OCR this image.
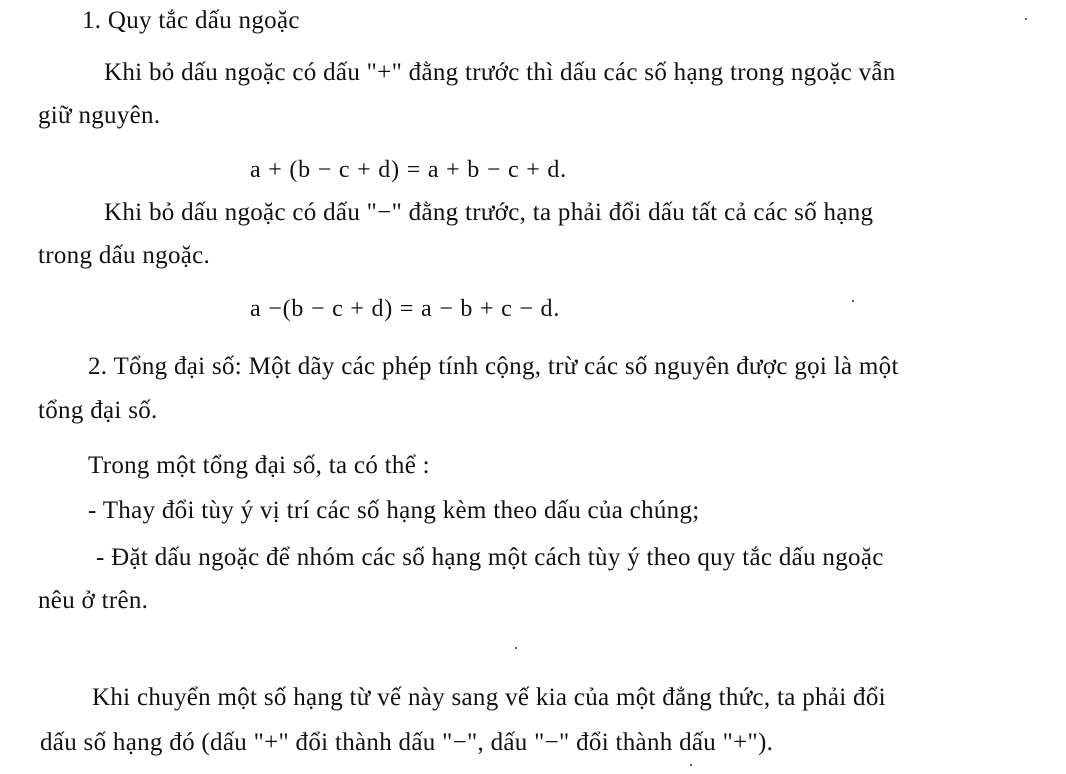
1. Quy tắc dấu ngoặc
Khi bỏ dấu ngoặc có dấu "+" đằng trước thì dấu các số hạng trong ngoặc vẫn
giữ nguyên.
a + (b − c + d) = a + b − c + d.
Khi bỏ dấu ngoặc có dấu "−" đằng trước, ta phải đổi dấu tất cả các số hạng
trong dấu ngoặc.
a −(b − c + d) = a − b + c − d.
2. Tổng đại số: Một dãy các phép tính cộng, trừ các số nguyên được gọi là một
tổng đại số.
Trong một tổng đại số, ta có thể :
- Thay đổi tùy ý vị trí các số hạng kèm theo dấu của chúng;
- Đặt dấu ngoặc để nhóm các số hạng một cách tùy ý theo quy tắc dấu ngoặc
nêu ở trên.
Khi chuyển một số hạng từ vế này sang vế kia của một đẳng thức, ta phải đổi
dấu số hạng đó (dấu "+" đổi thành dấu "−", dấu "−" đổi thành dấu "+").
